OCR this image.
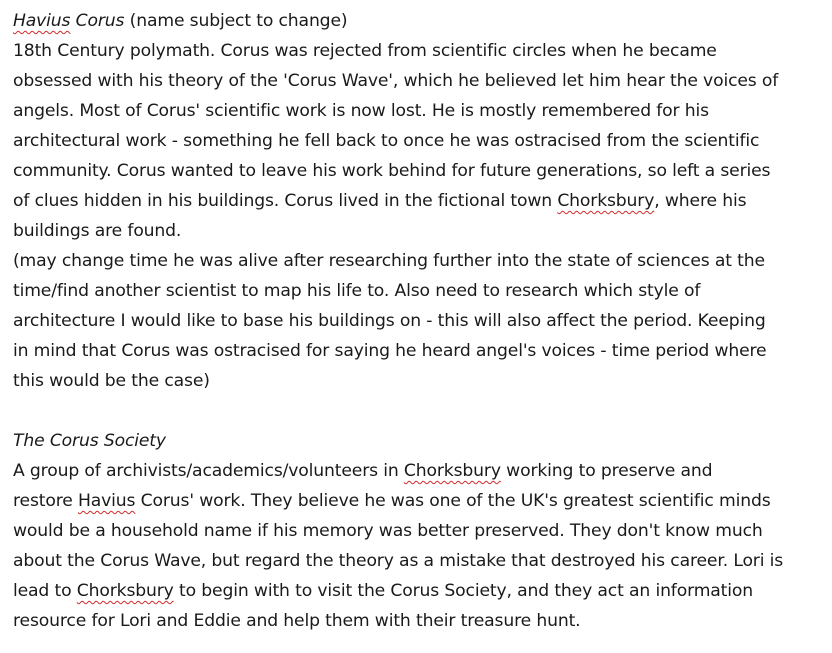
Havius Corus (name subject to change)
18th Century polymath. Corus was rejected from scientific circles when he became
obsessed with his theory of the 'Corus Wave', which he believed let him hear the voices of
angels. Most of Corus' scientific work is now lost. He is mostly remembered for his
architectural work - something he fell back to once he was ostracised from the scientific
community. Corus wanted to leave his work behind for future generations, so left a series
of clues hidden in his buildings. Corus lived in the fictional town Chorksbury, where his
buildings are found.
(may change time he was alive after researching further into the state of sciences at the
time/find another scientist to map his life to. Also need to research which style of
architecture I would like to base his buildings on - this will also affect the period. Keeping
in mind that Corus was ostracised for saying he heard angel's voices - time period where
this would be the case)
The Corus Society
A group of archivists/academics/volunteers in Chorksbury working to preserve and
restore Havius Corus' work. They believe he was one of the UK's greatest scientific minds
would be a household name if his memory was better preserved. They don't know much
about the Corus Wave, but regard the theory as a mistake that destroyed his career. Lori is
lead to Chorksbury to begin with to visit the Corus Society, and they act an information
resource for Lori and Eddie and help them with their treasure hunt.
